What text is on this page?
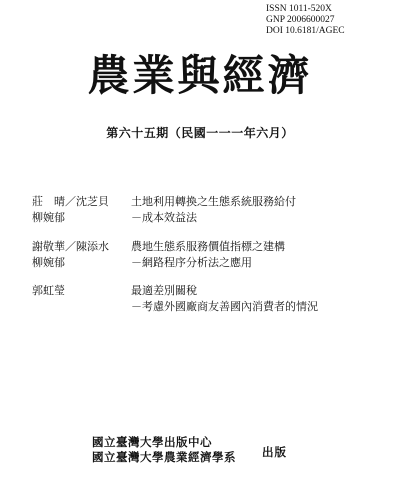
ISSN 1011-520X
GNP 2006600027
DOI 10.6181/AGEC
農業與經濟
第六十五期（民國一一一年六月）
莊　晴／沈芝貝
柳婉郁
土地利用轉換之生態系統服務給付
－成本效益法
謝敬華／陳添水
柳婉郁
農地生態系服務價值指標之建構
－網路程序分析法之應用
郭虹瑩	最適差別關稅
－考慮外國廠商友善國內消費者的情況
國立臺灣大學出版中心
國立臺灣大學農業經濟學系 出版
